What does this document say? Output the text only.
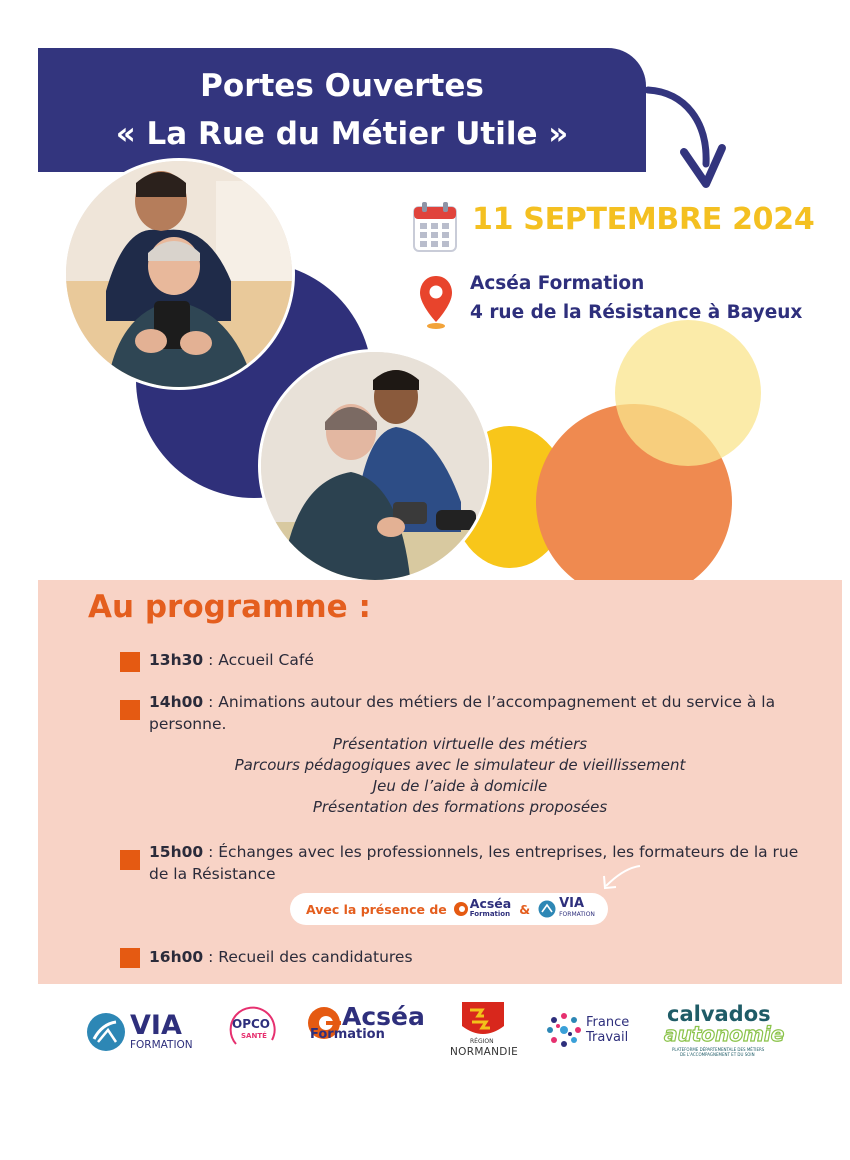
Portes Ouvertes
« La Rue du Métier Utile »
11 SEPTEMBRE 2024
Acséa Formation
4 rue de la Résistance à Bayeux
Au programme :
13h30 : Accueil Café
14h00 : Animations autour des métiers de l’accompagnement et du service à la
personne.
Présentation virtuelle des métiers
Parcours pédagogiques avec le simulateur de vieillissement
Jeu de l’aide à domicile
Présentation des formations proposées
15h00 : Échanges avec les professionnels, les entreprises, les formateurs de la rue
de la Résistance
Avec la présence de Acséa
Formation & VIA
FORMATION
16h00 : Recueil des candidatures
VIA
FORMATION
OPCO
SANTÉ
Acséa
Formation	RÉGION
NORMANDIE
France
Travail
calvados
autonomie
PLATEFORME DÉPARTEMENTALE DES MÉTIERS
DE L'ACCOMPAGNEMENT ET DU SOIN
